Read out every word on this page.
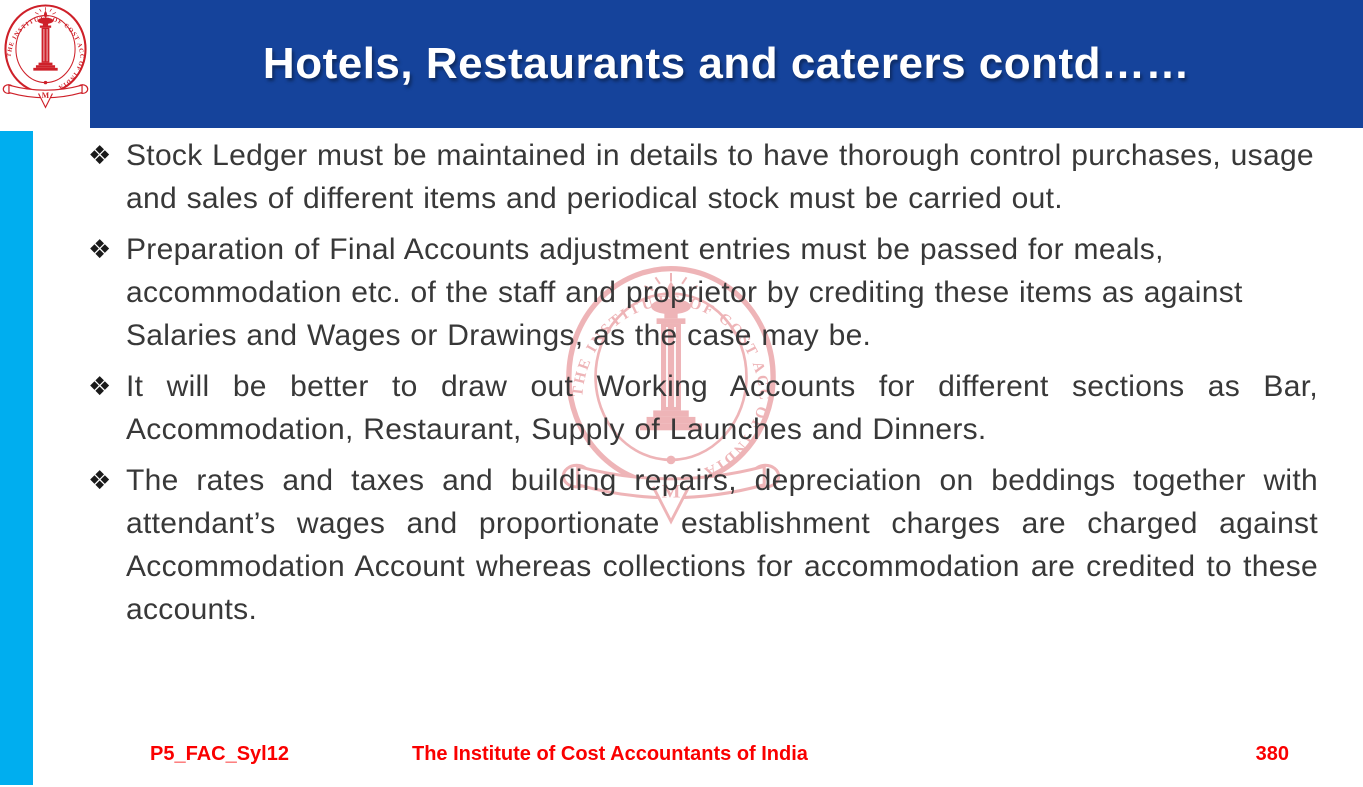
Hotels, Restaurants and caterers contd……
❖ Stock Ledger must be maintained in details to have thorough control purchases, usage and sales of different items and periodical stock must be carried out.

❖ Preparation of Final Accounts adjustment entries must be passed for meals, accommodation etc. of the staff and proprietor by crediting these items as against Salaries and Wages or Drawings, as the case may be.

❖ It will be better to draw out Working Accounts for different sections as Bar, Accommodation, Restaurant, Supply of Launches and Dinners.

❖ The rates and taxes and building repairs, depreciation on beddings together with attendant’s wages and proportionate establishment charges are charged against Accommodation Account whereas collections for accommodation are credited to these accounts.

P5_FAC_Syl12	The Institute of Cost Accountants of India	380
